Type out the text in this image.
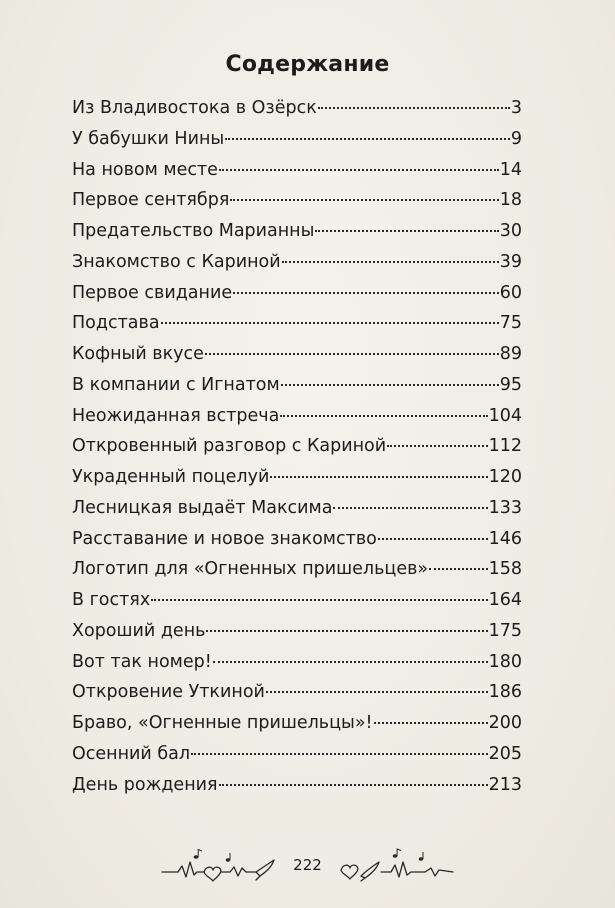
Содержание
Из Владивостока в Озёрск	3
У бабушки Нины	9
На новом месте	14
Первое сентября	18
Предательство Марианны	30
Знакомство с Кариной	39
Первое свидание	60
Подстава	75
Кофный вкусе	89
В компании с Игнатом	95
Неожиданная встреча	104
Откровенный разговор с Кариной	112
Украденный поцелуй	120
Лесницкая выдаёт Максима	133
Расставание и новое знакомство	146
Логотип для «Огненных пришельцев»	158
В гостях	164
Хороший день	175
Вот так номер!	180
Откровение Уткиной	186
Браво, «Огненные пришельцы»!	200
Осенний бал	205
День рождения	213
222
